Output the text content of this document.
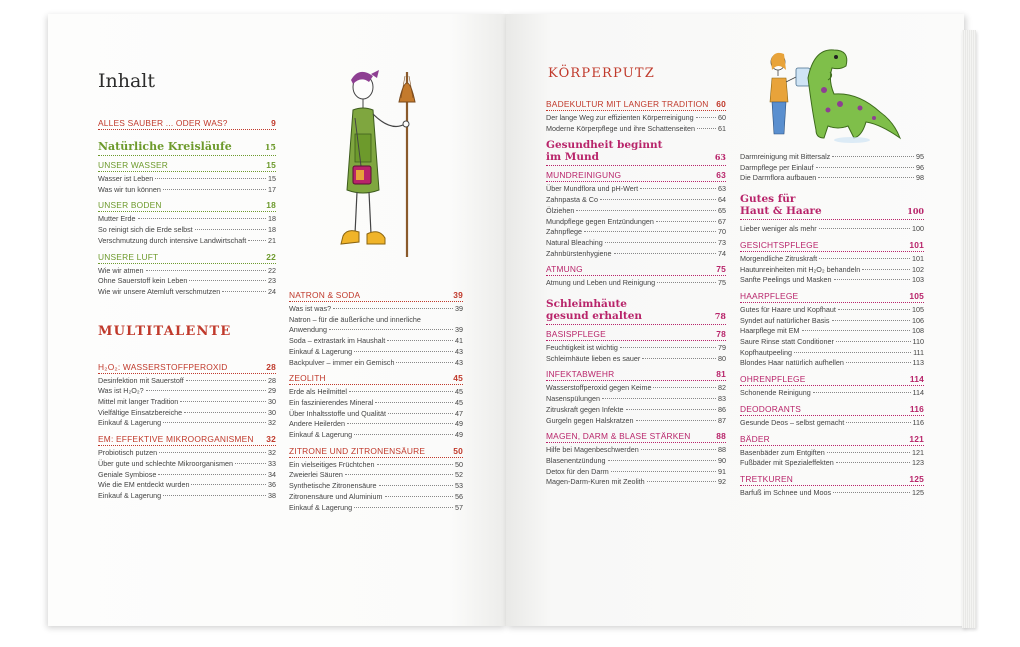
Inhalt
ALLES SAUBER ... ODER WAS?	9
Natürliche Kreisläufe	15
UNSER WASSER	15
Wasser ist Leben	15
Was wir tun können	17
UNSER BODEN	18
Mutter Erde	18
So reinigt sich die Erde selbst	18
Verschmutzung durch intensive Landwirtschaft	21
UNSERE LUFT	22
Wie wir atmen	22
Ohne Sauerstoff kein Leben	23
Wie wir unsere Atemluft verschmutzen	24
MULTITALENTE
H₂O₂: WASSERSTOFFPEROXID	28
Desinfektion mit Sauerstoff	28
Was ist H₂O₂?	29
Mittel mit langer Tradition	30
Vielfältige Einsatzbereiche	30
Einkauf & Lagerung	32
EM: EFFEKTIVE MIKROORGANISMEN 32
Probiotisch putzen	32
Über gute und schlechte Mikroorganismen	33
Geniale Symbiose	34
Wie die EM entdeckt wurden	36
Einkauf & Lagerung	38
NATRON & SODA	39
Was ist was?	39
Natron – für die äußerliche und innerliche
Anwendung	39
Soda – extrastark im Haushalt	41
Einkauf & Lagerung	43
Backpulver – immer ein Gemisch	43
ZEOLITH	45
Erde als Heilmittel	45
Ein faszinierendes Mineral	45
Über Inhaltsstoffe und Qualität	47
Andere Heilerden	49
Einkauf & Lagerung	49
ZITRONE UND ZITRONENSÄURE	50
Ein vielseitiges Früchtchen	50
Zweierlei Säuren	52
Synthetische Zitronensäure	53
Zitronensäure und Aluminium	56
Einkauf & Lagerung	57
KÖRPERPUTZ
BADEKULTUR MIT LANGER TRADITION 60
Der lange Weg zur effizienten Körperreinigung	60
Moderne Körperpflege und ihre Schattenseiten	61
Gesundheit beginnt
im Mund	63
MUNDREINIGUNG	63
Über Mundflora und pH-Wert	63
Zahnpasta & Co	64
Ölziehen	65
Mundpflege gegen Entzündungen	67
Zahnpflege	70
Natural Bleaching	73
Zahnbürstenhygiene	74
ATMUNG	75
Atmung und Leben und Reinigung	75
Schleimhäute
gesund erhalten	78
BASISPFLEGE	78
Feuchtigkeit ist wichtig	79
Schleimhäute lieben es sauer	80
INFEKTABWEHR	81
Wasserstoffperoxid gegen Keime	82
Nasenspülungen	83
Zitruskraft gegen Infekte	86
Gurgeln gegen Halskratzen	87
MAGEN, DARM & BLASE STÄRKEN	88
Hilfe bei Magenbeschwerden	88
Blasenentzündung	90
Detox für den Darm	91
Magen-Darm-Kuren mit Zeolith	92
Darmreinigung mit Bittersalz	95
Darmpflege per Einlauf	96
Die Darmflora aufbauen	98
Gutes für
Haut & Haare	100
Lieber weniger als mehr	100
GESICHTSPFLEGE	101
Morgendliche Zitruskraft	101
Hautunreinheiten mit H₂O₂ behandeln	102
Sanfte Peelings und Masken	103
HAARPFLEGE	105
Gutes für Haare und Kopfhaut	105
Syndet auf natürlicher Basis	106
Haarpflege mit EM	108
Saure Rinse statt Conditioner	110
Kopfhautpeeling	111
Blondes Haar natürlich aufhellen	113
OHRENPFLEGE	114
Schonende Reinigung	114
DEODORANTS	116
Gesunde Deos – selbst gemacht	116
BÄDER	121
Basenbäder zum Entgiften	121
Fußbäder mit Spezialeffekten	123
TRETKUREN	125
Barfuß im Schnee und Moos	125
